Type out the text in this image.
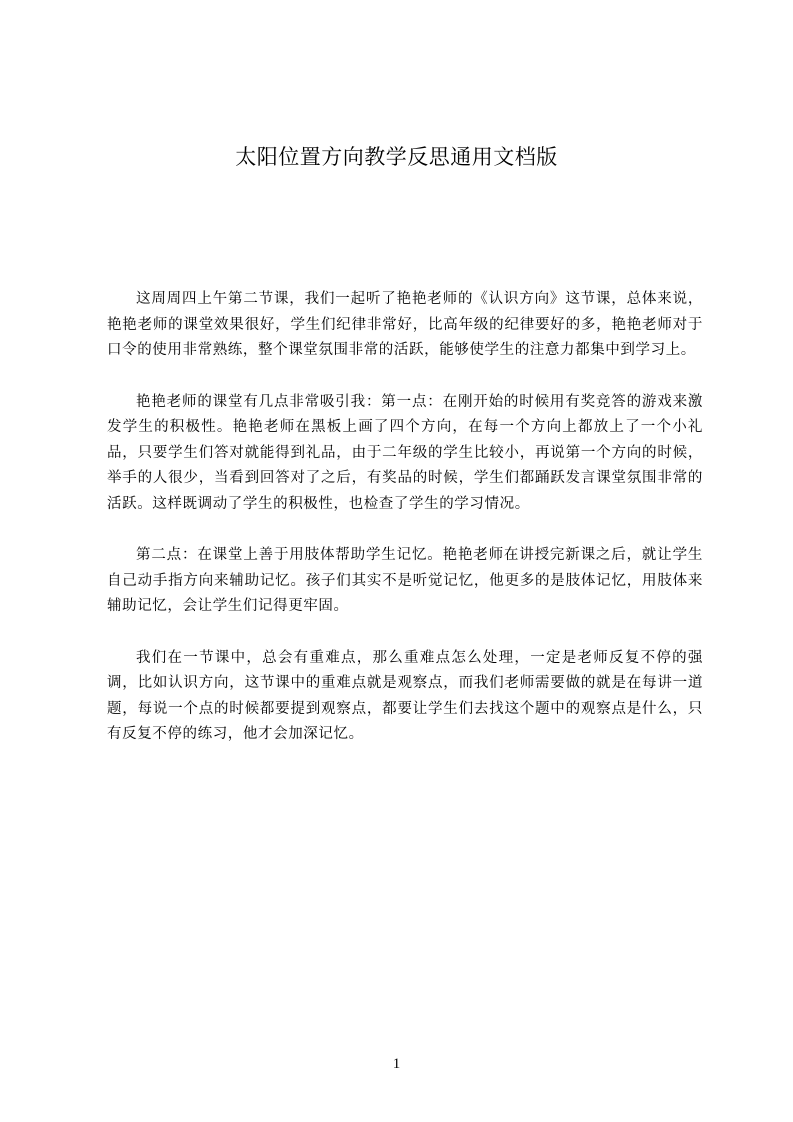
太阳位置方向教学反思通用文档版

这周周四上午第二节课，我们一起听了艳艳老师的《认识方向》这节课，总体来说，艳艳老师的课堂效果很好，学生们纪律非常好，比高年级的纪律要好的多，艳艳老师对于口令的使用非常熟练，整个课堂氛围非常的活跃，能够使学生的注意力都集中到学习上。

艳艳老师的课堂有几点非常吸引我：第一点：在刚开始的时候用有奖竞答的游戏来激发学生的积极性。艳艳老师在黑板上画了四个方向，在每一个方向上都放上了一个小礼品，只要学生们答对就能得到礼品，由于二年级的学生比较小，再说第一个方向的时候，举手的人很少，当看到回答对了之后，有奖品的时候，学生们都踊跃发言课堂氛围非常的活跃。这样既调动了学生的积极性，也检查了学生的学习情况。

第二点：在课堂上善于用肢体帮助学生记忆。艳艳老师在讲授完新课之后，就让学生自己动手指方向来辅助记忆。孩子们其实不是听觉记忆，他更多的是肢体记忆，用肢体来辅助记忆，会让学生们记得更牢固。

我们在一节课中，总会有重难点，那么重难点怎么处理，一定是老师反复不停的强调，比如认识方向，这节课中的重难点就是观察点，而我们老师需要做的就是在每讲一道题，每说一个点的时候都要提到观察点，都要让学生们去找这个题中的观察点是什么，只有反复不停的练习，他才会加深记忆。

1
